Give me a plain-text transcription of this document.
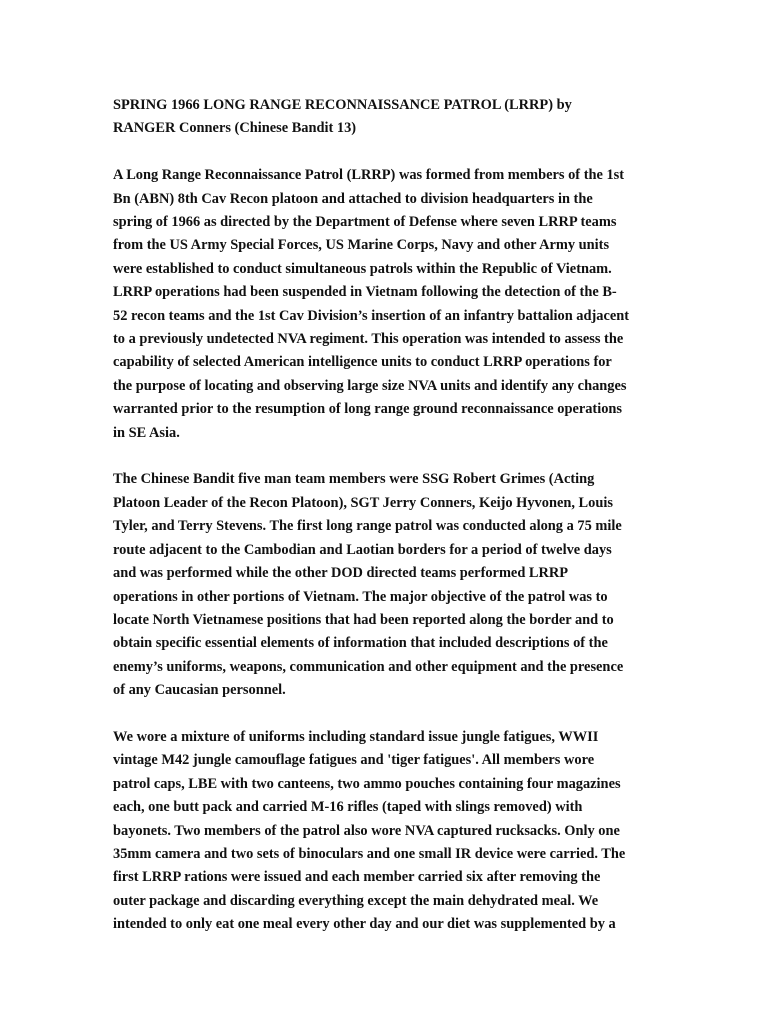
SPRING 1966 LONG RANGE RECONNAISSANCE PATROL (LRRP) by
RANGER Conners (Chinese Bandit 13)

A Long Range Reconnaissance Patrol (LRRP) was formed from members of the 1st
Bn (ABN) 8th Cav Recon platoon and attached to division headquarters in the
spring of 1966 as directed by the Department of Defense where seven LRRP teams
from the US Army Special Forces, US Marine Corps, Navy and other Army units
were established to conduct simultaneous patrols within the Republic of Vietnam.
LRRP operations had been suspended in Vietnam following the detection of the B-
52 recon teams and the 1st Cav Division’s insertion of an infantry battalion adjacent
to a previously undetected NVA regiment. This operation was intended to assess the
capability of selected American intelligence units to conduct LRRP operations for
the purpose of locating and observing large size NVA units and identify any changes
warranted prior to the resumption of long range ground reconnaissance operations
in SE Asia.

The Chinese Bandit five man team members were SSG Robert Grimes (Acting
Platoon Leader of the Recon Platoon), SGT Jerry Conners, Keijo Hyvonen, Louis
Tyler, and Terry Stevens. The first long range patrol was conducted along a 75 mile
route adjacent to the Cambodian and Laotian borders for a period of twelve days
and was performed while the other DOD directed teams performed LRRP
operations in other portions of Vietnam. The major objective of the patrol was to
locate North Vietnamese positions that had been reported along the border and to
obtain specific essential elements of information that included descriptions of the
enemy’s uniforms, weapons, communication and other equipment and the presence
of any Caucasian personnel.

We wore a mixture of uniforms including standard issue jungle fatigues, WWII
vintage M42 jungle camouflage fatigues and 'tiger fatigues'. All members wore
patrol caps, LBE with two canteens, two ammo pouches containing four magazines
each, one butt pack and carried M-16 rifles (taped with slings removed) with
bayonets. Two members of the patrol also wore NVA captured rucksacks. Only one
35mm camera and two sets of binoculars and one small IR device were carried. The
first LRRP rations were issued and each member carried six after removing the
outer package and discarding everything except the main dehydrated meal. We
intended to only eat one meal every other day and our diet was supplemented by a
